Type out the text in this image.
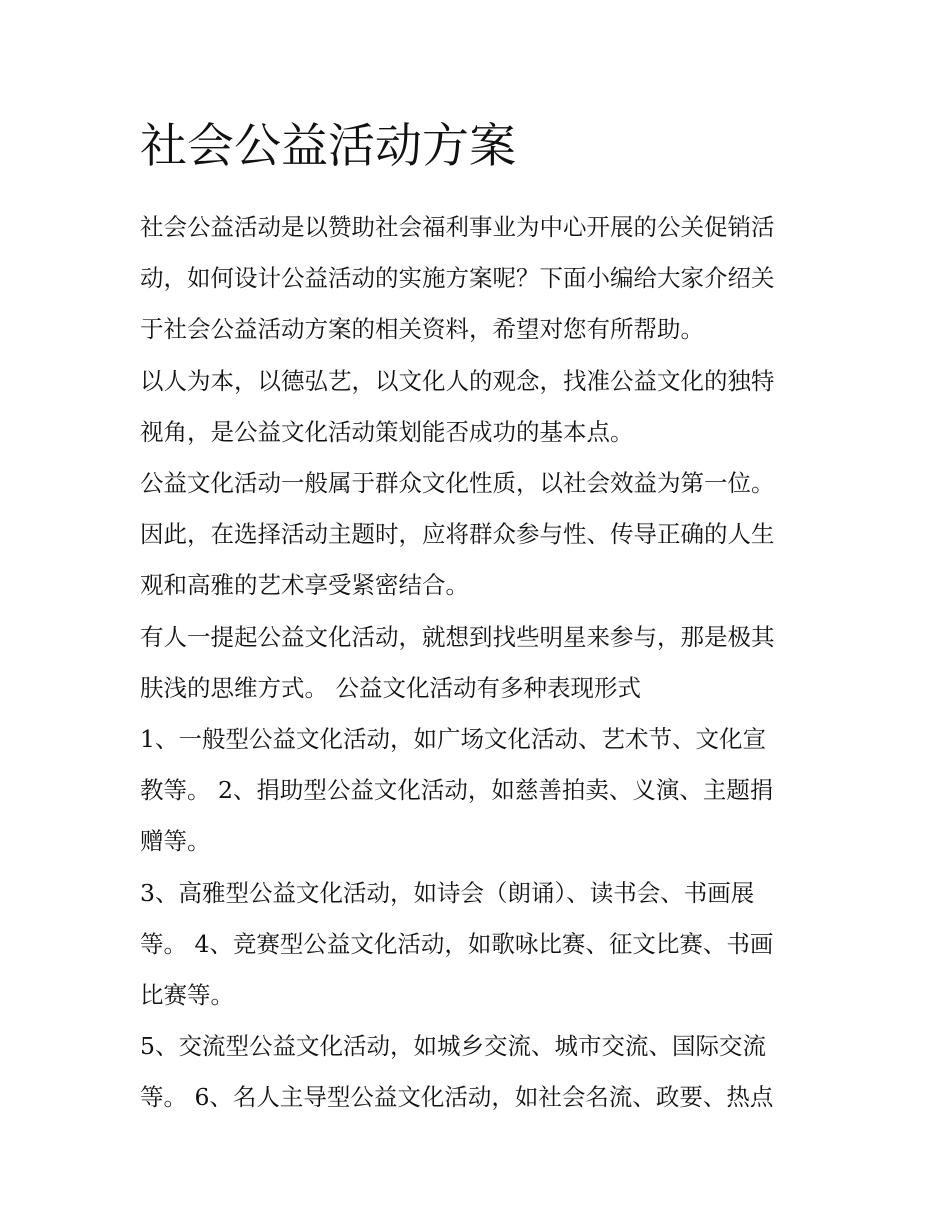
社会公益活动方案

社会公益活动是以赞助社会福利事业为中心开展的公关促销活
动，如何设计公益活动的实施方案呢？下面小编给大家介绍关
于社会公益活动方案的相关资料，希望对您有所帮助。

以人为本，以德弘艺，以文化人的观念，找准公益文化的独特
视角，是公益文化活动策划能否成功的基本点。

公益文化活动一般属于群众文化性质，以社会效益为第一位。
因此，在选择活动主题时，应将群众参与性、传导正确的人生
观和高雅的艺术享受紧密结合。

有人一提起公益文化活动，就想到找些明星来参与，那是极其
肤浅的思维方式。 公益文化活动有多种表现形式

1、一般型公益文化活动，如广场文化活动、艺术节、文化宣
教等。 2、捐助型公益文化活动，如慈善拍卖、义演、主题捐
赠等。

3、高雅型公益文化活动，如诗会（朗诵）、读书会、书画展
等。 4、竞赛型公益文化活动，如歌咏比赛、征文比赛、书画
比赛等。

5、交流型公益文化活动，如城乡交流、城市交流、国际交流
等。 6、名人主导型公益文化活动，如社会名流、政要、热点
